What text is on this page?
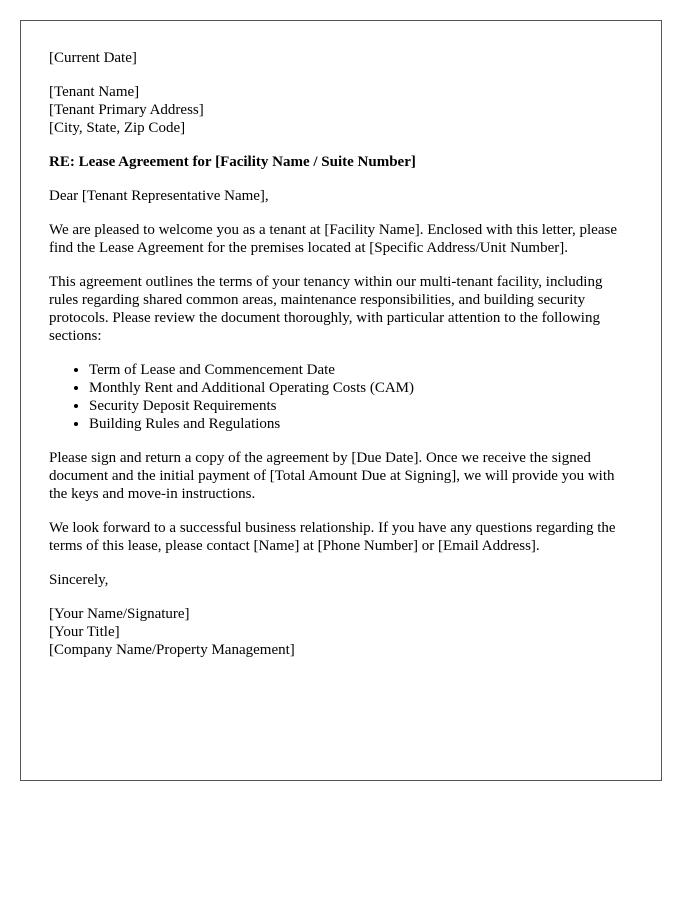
[Current Date]

[Tenant Name]
[Tenant Primary Address]
[City, State, Zip Code]

RE: Lease Agreement for [Facility Name / Suite Number]

Dear [Tenant Representative Name],

We are pleased to welcome you as a tenant at [Facility Name]. Enclosed with this letter, please find the Lease Agreement for the premises located at [Specific Address/Unit Number].

This agreement outlines the terms of your tenancy within our multi-tenant facility, including rules regarding shared common areas, maintenance responsibilities, and building security protocols. Please review the document thoroughly, with particular attention to the following sections:

• Term of Lease and Commencement Date
• Monthly Rent and Additional Operating Costs (CAM)
• Security Deposit Requirements
• Building Rules and Regulations

Please sign and return a copy of the agreement by [Due Date]. Once we receive the signed document and the initial payment of [Total Amount Due at Signing], we will provide you with the keys and move-in instructions.

We look forward to a successful business relationship. If you have any questions regarding the terms of this lease, please contact [Name] at [Phone Number] or [Email Address].

Sincerely,

[Your Name/Signature]
[Your Title]
[Company Name/Property Management]
